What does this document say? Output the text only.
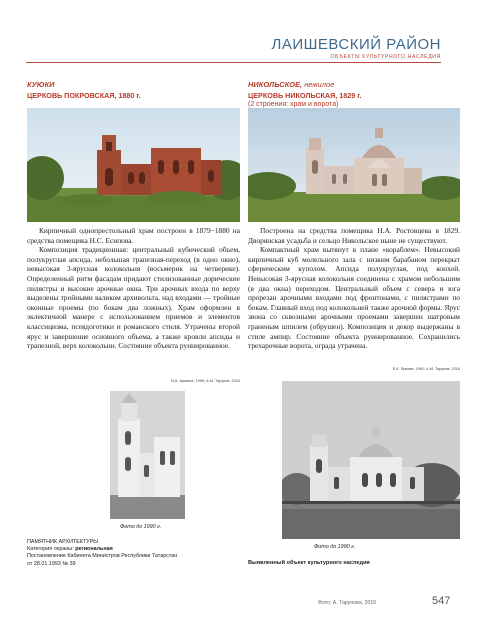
ЛАИШЕВСКИЙ РАЙОН
ОБЪЕКТЫ КУЛЬТУРНОГО НАСЛЕДИЯ
КУЮКИ
ЦЕРКОВЬ ПОКРОВСКАЯ, 1880 г.
НИКОЛЬСКОЕ, нежилое
ЦЕРКОВЬ НИКОЛЬСКАЯ, 1829 г.
(2 строения: храм и ворота)

Кирпичный однопрестольный храм построен в 1879−1880 на средства помещика Н.С. Есипова.

Композиция традиционная: центральный кубический объем, полукруглая апсида, небольшая трапезная-переход (в одно окно), невысокая 3-ярусная колокольня (восьмерик на четверике). Определенный ритм фасадам придают стилизованные дорические пилястры и высокие арочные окна. Три арочных входа по верху выделены тройными валиком архивольта, над входами — тройные оконные проемы (по бокам два ложных). Храм оформлен в эклектичной манере с использованием приемов и элементов классицизма, псевдоготики и романского стиля. Утрачены второй ярус и завершение основного объема, а также кровли апсиды и трапезной, верх колокольни. Состояние объекта руинированное.

И.А. Аршина, 1999; А.М. Тарунов, 2016

Построена на средства помещика Н.А. Ростовцева в 1829. Дворянская усадьба и сельцо Никольское ныне не существуют.

Компактный храм вытянут в плане «кораблем». Невысокий кирпичный куб молельного зала с низким барабаном перекрыт сферическим куполом. Апсида полукруглая, под конхой. Невысокая 3-ярусная колокольня соединена с храмом небольшим (в два окна) переходом. Центральный объем с севера и юга прорезан арочными входами под фронтонами, с пилястрами по бокам. Главный вход под колокольней также арочной формы. Ярус звона со сквозными арочными проемами завершен шатровым граненым шпилем (обрушен). Композиция и декор выдержаны в стиле ампир. Состояние объекта руинированное. Сохранились трехарочные ворота, ограда утрачена.

Е.К. Яркова, 1991; А.М. Тарунов, 2016
Фото до 1990 г.
ПАМЯТНИК АРХИТЕКТУРЫ
Категория охраны: региональная
Постановление Кабинета Министров Республики Татарстан
от 28.01.1993 № 39
Фото до 1990 г.
Выявленный объект культурного наследия
Фото: А. Тарунова, 2015	547
